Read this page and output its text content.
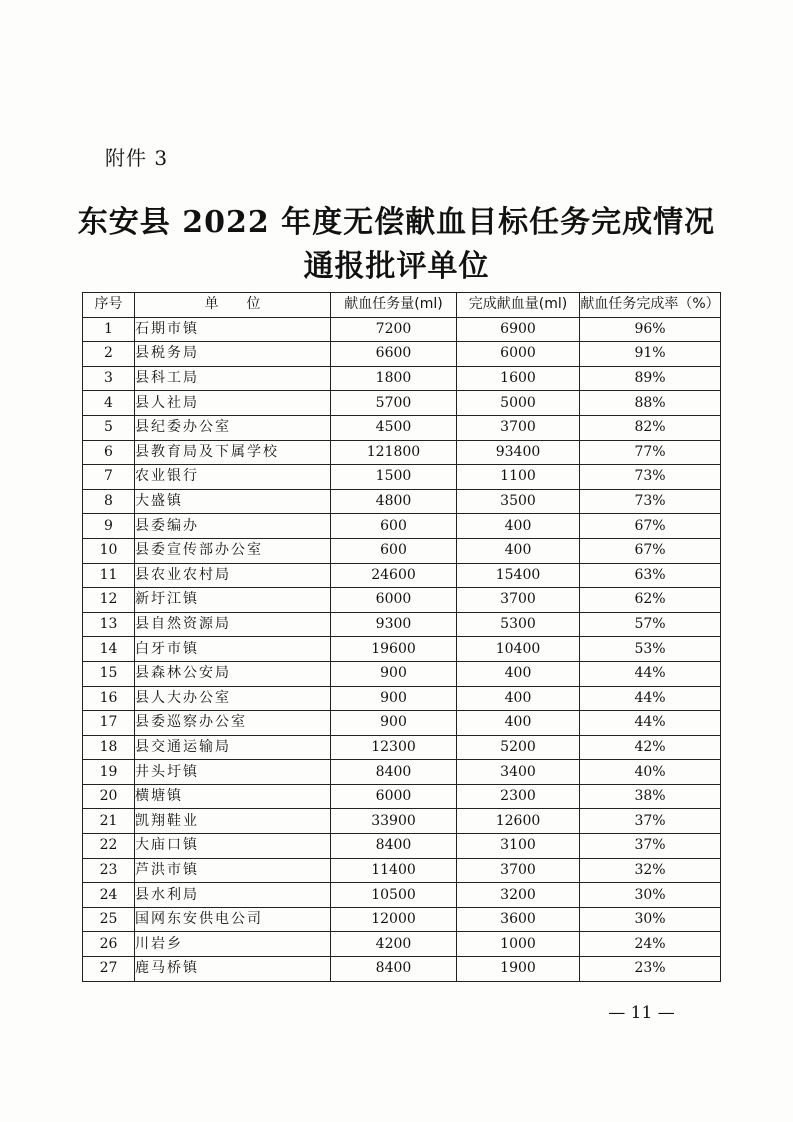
附件 3
东安县 2022 年度无偿献血目标任务完成情况
通报批评单位
序号	单　　位	献血任务量(ml)	完成献血量(ml)	献血任务完成率（%）
1	石期市镇	7200	6900	96%
2	县税务局	6600	6000	91%
3	县科工局	1800	1600	89%
4	县人社局	5700	5000	88%
5	县纪委办公室	4500	3700	82%
6	县教育局及下属学校	121800	93400	77%
7	农业银行	1500	1100	73%
8	大盛镇	4800	3500	73%
9	县委编办	600	400	67%
10	县委宣传部办公室	600	400	67%
11	县农业农村局	24600	15400	63%
12	新圩江镇	6000	3700	62%
13	县自然资源局	9300	5300	57%
14	白牙市镇	19600	10400	53%
15	县森林公安局	900	400	44%
16	县人大办公室	900	400	44%
17	县委巡察办公室	900	400	44%
18	县交通运输局	12300	5200	42%
19	井头圩镇	8400	3400	40%
20	横塘镇	6000	2300	38%
21	凯翔鞋业	33900	12600	37%
22	大庙口镇	8400	3100	37%
23	芦洪市镇	11400	3700	32%
24	县水利局	10500	3200	30%
25	国网东安供电公司	12000	3600	30%
26	川岩乡	4200	1000	24%
27	鹿马桥镇	8400	1900	23%
— 11 —
